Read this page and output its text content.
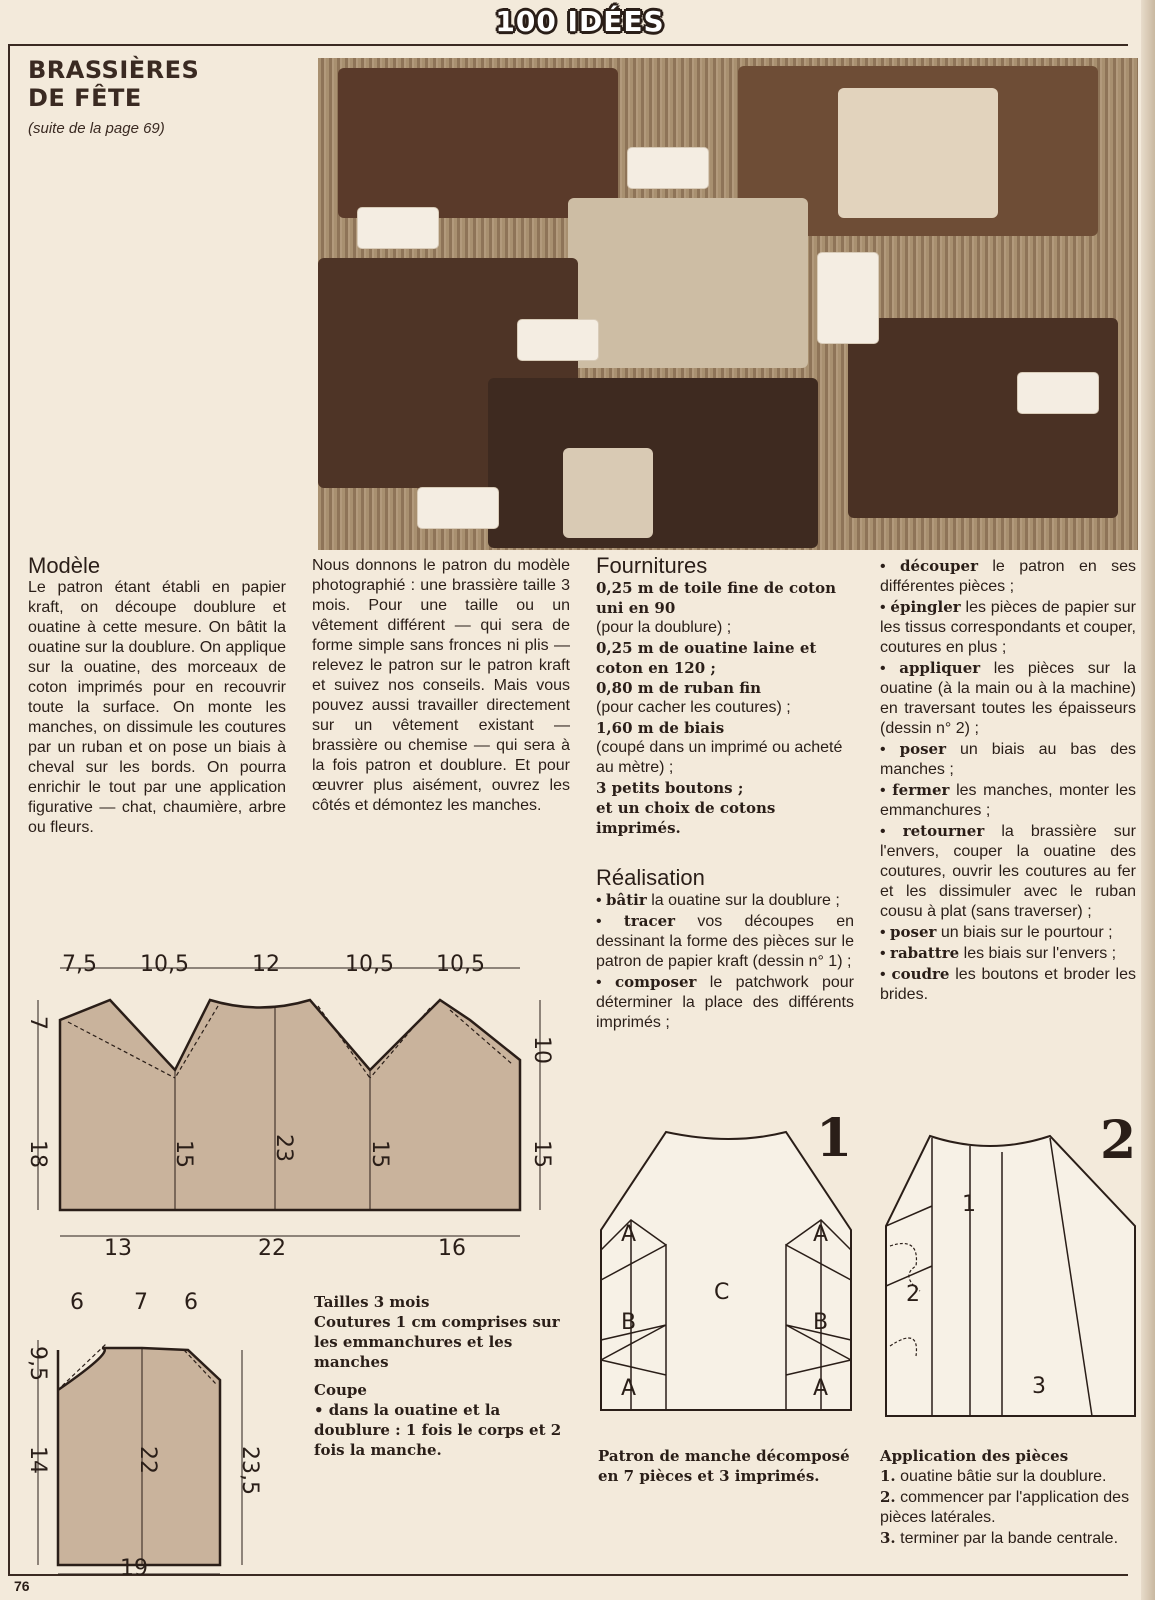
100 IDÉES
BRASSIÈRES
DE FÊTE
(suite de la page 69)
Modèle

Le patron étant établi en papier kraft, on découpe doublure et ouatine à cette mesure. On bâtit la ouatine sur la doublure. On applique sur la ouatine, des morceaux de coton imprimés pour en recouvrir toute la surface. On monte les manches, on dissimule les coutures par un ruban et on pose un biais à cheval sur les bords. On pourra enrichir le tout par une application figurative — chat, chaumière, arbre ou fleurs.

Nous donnons le patron du modèle photographié : une brassière taille 3 mois. Pour une taille ou un vêtement différent — qui sera de forme simple sans fronces ni plis — relevez le patron sur le patron kraft et suivez nos conseils. Mais vous pouvez aussi travailler directement sur un vêtement existant — brassière ou chemise — qui sera à la fois patron et doublure. Et pour œuvrer plus aisément, ouvrez les côtés et démontez les manches.

Fournitures
0,25 m de toile fine de coton uni en 90
(pour la doublure) ;
0,25 m de ouatine laine et coton en 120 ;
0,80 m de ruban fin
(pour cacher les coutures) ;
1,60 m de biais
(coupé dans un imprimé ou acheté au mètre) ;
3 petits boutons ;
et un choix de cotons imprimés.
Réalisation

• bâtir la ouatine sur la doublure ;

• tracer vos découpes en dessinant la forme des pièces sur le patron de papier kraft (dessin n° 1) ;

• composer le patchwork pour déterminer la place des différents imprimés ;

• découper le patron en ses différentes pièces ;

• épingler les pièces de papier sur les tissus correspondants et couper, coutures en plus ;

• appliquer les pièces sur la ouatine (à la main ou à la machine) en traversant toutes les épaisseurs (dessin n° 2) ;

• poser un biais au bas des manches ;

• fermer les manches, monter les emmanchures ;

• retourner la brassière sur l'envers, couper la ouatine des coutures, ouvrir les coutures au fer et les dissimuler avec le ruban cousu à plat (sans traverser) ;

• poser un biais sur le pourtour ;

• rabattre les biais sur l'envers ;

• coudre les boutons et broder les brides.

7,5 10,5	12	10,5 10,5
7
18
10
15
15	23	15
13	22	16
6 7 6
9,5
14	22	23,5
19
Tailles 3 mois
Coutures 1 cm comprises sur les emmanchures et les manches
Coupe
• dans la ouatine et la doublure : 1 fois le corps et 2 fois la manche.
A
B
A
C
A
B
A
1
Patron de manche décomposé en 7 pièces et 3 imprimés.
1
2
3
2
Application des pièces
1. ouatine bâtie sur la doublure.
2. commencer par l'application des pièces latérales.
3. terminer par la bande centrale.
76
